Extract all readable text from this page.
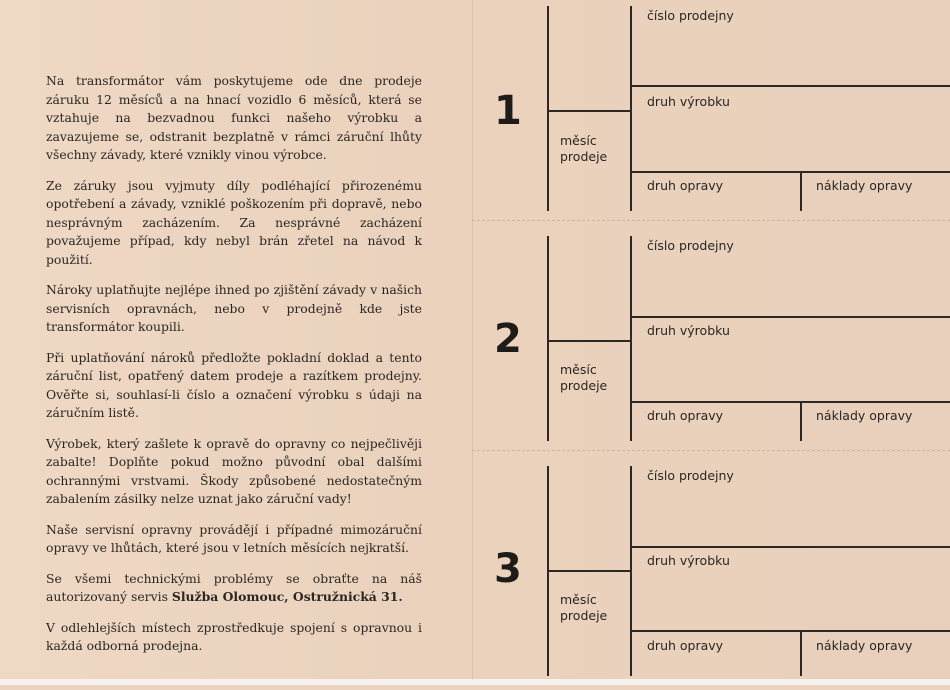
Na transformátor vám poskytujeme ode dne prodeje záruku 12 měsíců a na hnací vozidlo 6 měsíců, která se vztahuje na bezvadnou funkci našeho výrobku a zavazujeme se, odstranit bezplatně v rámci záruční lhůty všechny závady, které vznikly vinou výrobce.

Ze záruky jsou vyjmuty díly podléhající přirozenému opotřebení a závady, vzniklé poškozením při dopravě, nebo nesprávným zacházením. Za nesprávné zacházení považujeme případ, kdy nebyl brán zřetel na návod k použití.

Nároky uplatňujte nejlépe ihned po zjištění závady v našich servisních opravnách, nebo v prodejně kde jste transformátor koupili.

Při uplatňování nároků předložte pokladní doklad a tento záruční list, opatřený datem prodeje a razítkem prodejny. Ověřte si, souhlasí-li číslo a označení výrobku s údaji na záručním listě.

Výrobek, který zašlete k opravě do opravny co nejpečlivěji zabalte! Doplňte pokud možno původní obal dalšími ochrannými vrstvami. Škody způsobené nedostatečným zabalením zásilky nelze uznat jako záruční vady!

Naše servisní opravny provádějí i případné mimozáruční opravy ve lhůtách, které jsou v letních měsících nejkratší.

Se všemi technickými problémy se obraťte na náš autorizovaný servis Služba Olomouc, Ostružnická 31.

V odlehlejších místech zprostředkuje spojení s opravnou i každá odborná prodejna.

1
měsíc
prodeje
číslo prodejny
druh výrobku
druh opravy	náklady opravy
2
měsíc
prodeje
číslo prodejny
druh výrobku
druh opravy	náklady opravy
3
měsíc
prodeje
číslo prodejny
druh výrobku
druh opravy	náklady opravy
